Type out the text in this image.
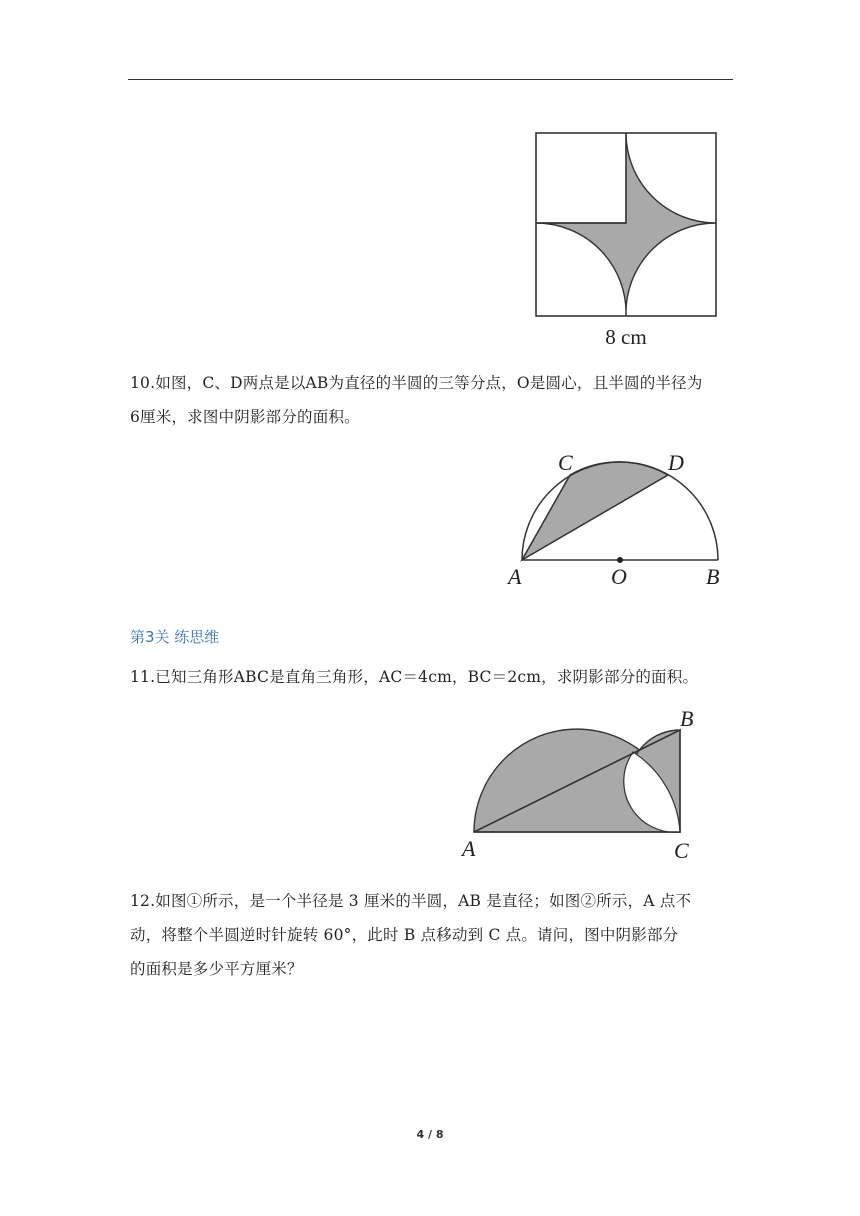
8 cm
10.如图，C、D两点是以AB为直径的半圆的三等分点，O是圆心，且半圆的半径为
6厘米，求图中阴影部分的面积。
C	D
A	O	B
第3关 练思维
11.已知三角形ABC是直角三角形，AC＝4cm，BC＝2cm，求阴影部分的面积。
A
B
C
12.如图①所示，是一个半径是 3 厘米的半圆，AB 是直径；如图②所示，A 点不
动，将整个半圆逆时针旋转 60°，此时 B 点移动到 C 点。请问，图中阴影部分
的面积是多少平方厘米？
4 / 8
